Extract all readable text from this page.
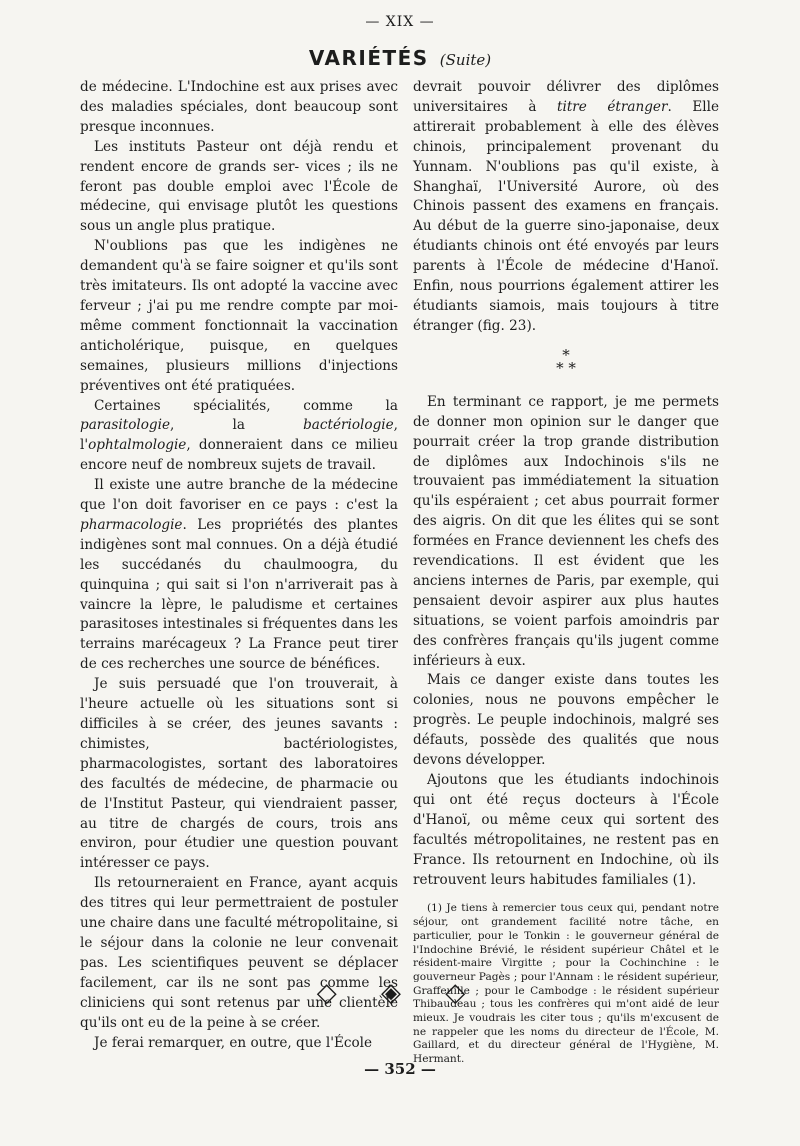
— XIX —
VARIÉTÉS (Suite)

de médecine. L'Indochine est aux prises avec des maladies spéciales, dont beaucoup sont presque inconnues.

Les instituts Pasteur ont déjà rendu et rendent encore de grands ser- vices ; ils ne feront pas double emploi avec l'École de médecine, qui envisage plutôt les questions sous un angle plus pratique.

N'oublions pas que les indigènes ne demandent qu'à se faire soigner et qu'ils sont très imitateurs. Ils ont adopté la vaccine avec ferveur ; j'ai pu me rendre compte par moi-même comment fonctionnait la vaccination anticholérique, puisque, en quelques semaines, plusieurs millions d'injections préventives ont été pratiquées.

Certaines spécialités, comme la parasitologie, la bactériologie, l'ophtalmologie, donneraient dans ce milieu encore neuf de nombreux sujets de travail.

Il existe une autre branche de la médecine que l'on doit favoriser en ce pays : c'est la pharmacologie. Les propriétés des plantes indigènes sont mal connues. On a déjà étudié les succédanés du chaulmoogra, du quinquina ; qui sait si l'on n'arriverait pas à vaincre la lèpre, le paludisme et certaines parasitoses intestinales si fréquentes dans les terrains marécageux ? La France peut tirer de ces recherches une source de bénéfices.

Je suis persuadé que l'on trouverait, à l'heure actuelle où les situations sont si difficiles à se créer, des jeunes savants : chimistes, bactériologistes, pharmacologistes, sortant des laboratoires des facultés de médecine, de pharmacie ou de l'Institut Pasteur, qui viendraient passer, au titre de chargés de cours, trois ans environ, pour étudier une question pouvant intéresser ce pays.

Ils retourneraient en France, ayant acquis des titres qui leur permettraient de postuler une chaire dans une faculté métropolitaine, si le séjour dans la colonie ne leur convenait pas. Les scientifiques peuvent se déplacer facilement, car ils ne sont pas comme les cliniciens qui sont retenus par une clientèle qu'ils ont eu de la peine à se créer.

Je ferai remarquer, en outre, que l'École

devrait pouvoir délivrer des diplômes universitaires à titre étranger. Elle attirerait probablement à elle des élèves chinois, principalement provenant du Yunnam. N'oublions pas qu'il existe, à Shanghaï, l'Université Aurore, où des Chinois passent des examens en français. Au début de la guerre sino-japonaise, deux étudiants chinois ont été envoyés par leurs parents à l'École de médecine d'Hanoï. Enfin, nous pourrions également attirer les étudiants siamois, mais toujours à titre étranger (fig. 23).

*
* *

En terminant ce rapport, je me permets de donner mon opinion sur le danger que pourrait créer la trop grande distribution de diplômes aux Indochinois s'ils ne trouvaient pas immédiatement la situation qu'ils espéraient ; cet abus pourrait former des aigris. On dit que les élites qui se sont formées en France deviennent les chefs des revendications. Il est évident que les anciens internes de Paris, par exemple, qui pensaient devoir aspirer aux plus hautes situations, se voient parfois amoindris par des confrères français qu'ils jugent comme inférieurs à eux.

Mais ce danger existe dans toutes les colonies, nous ne pouvons empêcher le progrès. Le peuple indochinois, malgré ses défauts, possède des qualités que nous devons développer.

Ajoutons que les étudiants indochinois qui ont été reçus docteurs à l'École d'Hanoï, ou même ceux qui sortent des facultés métropolitaines, ne restent pas en France. Ils retournent en Indochine, où ils retrouvent leurs habitudes familiales (1).

(1) Je tiens à remercier tous ceux qui, pendant notre séjour, ont grandement facilité notre tâche, en particulier, pour le Tonkin : le gouverneur général de l'Indochine Brévié, le résident supérieur Châtel et le résident-maire Virgitte ; pour la Cochinchine : le gouverneur Pagès ; pour l'Annam : le résident supérieur, Graffeuille ; pour le Cambodge : le résident supérieur Thibaudeau ; tous les confrères qui m'ont aidé de leur mieux. Je voudrais les citer tous ; qu'ils m'excusent de ne rappeler que les noms du directeur de l'École, M. Gaillard, et du directeur général de l'Hygiène, M. Hermant.

◇ ◈ ◇
— 352 —
